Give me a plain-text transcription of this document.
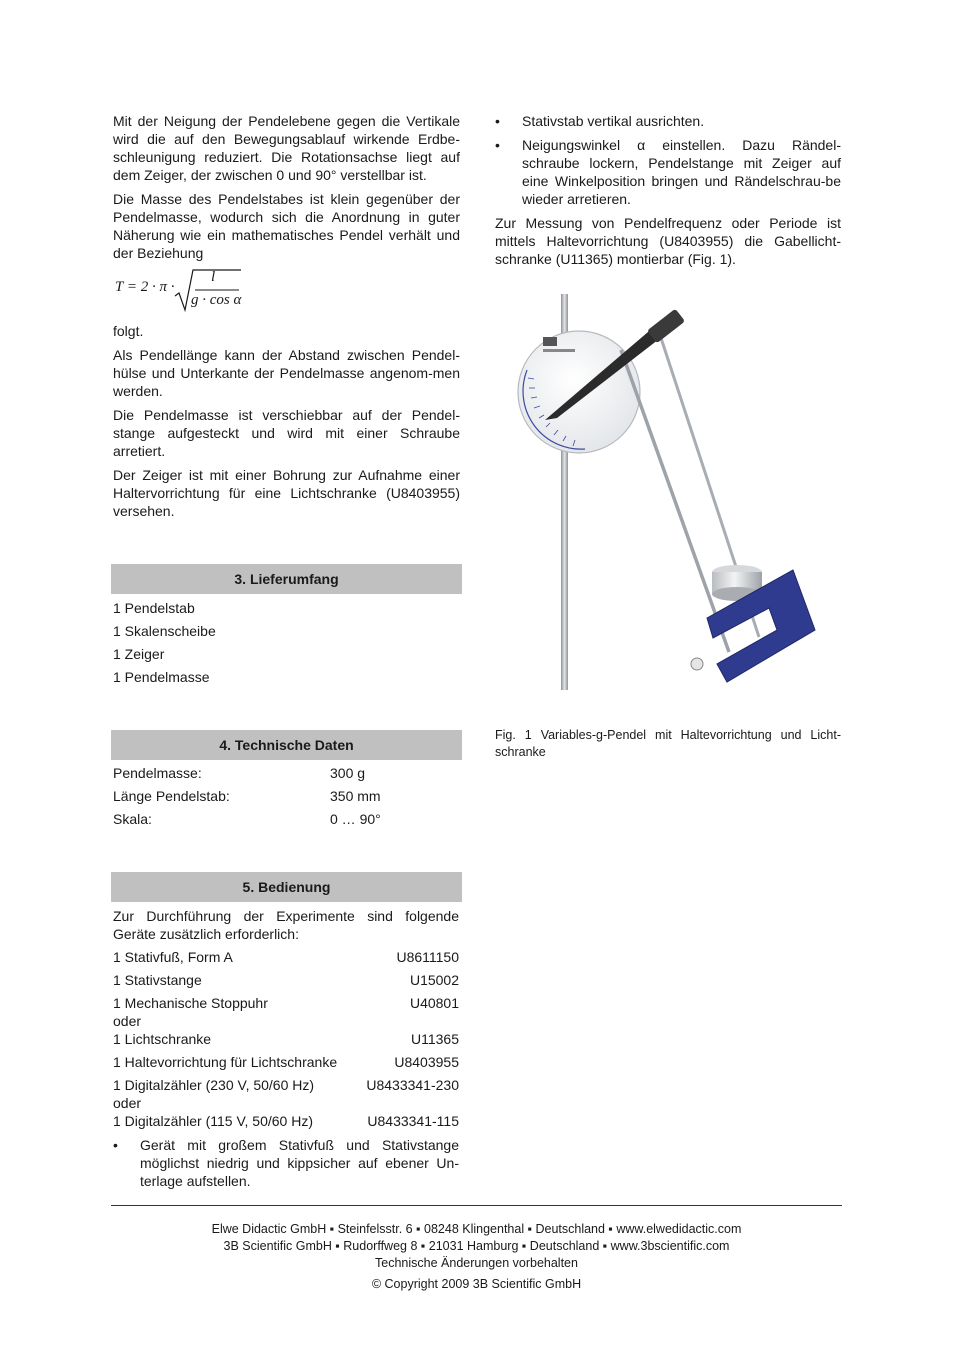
Mit der Neigung der Pendelebene gegen die Vertikale wird die auf den Bewegungsablauf wirkende Erdbe-schleunigung reduziert. Die Rotationsachse liegt auf dem Zeiger, der zwischen 0 und 90° verstellbar ist.

Die Masse des Pendelstabes ist klein gegenüber der Pendelmasse, wodurch sich die Anordnung in guter Näherung wie ein mathematisches Pendel verhält und der Beziehung

T = 2 · π ·
l
g · cos α

folgt.

Als Pendellänge kann der Abstand zwischen Pendel-hülse und Unterkante der Pendelmasse angenom-men werden.

Die Pendelmasse ist verschiebbar auf der Pendel-stange aufgesteckt und wird mit einer Schraube arretiert.

Der Zeiger ist mit einer Bohrung zur Aufnahme einer Haltervorrichtung für eine Lichtschranke (U8403955) versehen.

3. Lieferumfang
1 Pendelstab
1 Skalenscheibe
1 Zeiger
1 Pendelmasse
4. Technische Daten
Pendelmasse:	300 g
Länge Pendelstab:	350 mm
Skala:	0 … 90°
5. Bedienung
Zur Durchführung der Experimente sind folgende Geräte zusätzlich erforderlich:
1 Stativfuß, Form A	U8611150
1 Stativstange	U15002
1 Mechanische Stoppuhr	U40801
oder
1 Lichtschranke	U11365
1 Haltevorrichtung für Lichtschranke	U8403955
1 Digitalzähler (230 V, 50/60 Hz)	U8433341-230
oder
1 Digitalzähler (115 V, 50/60 Hz)	U8433341-115
• Gerät mit großem Stativfuß und Stativstange möglichst niedrig und kippsicher auf ebener Un-terlage aufstellen.
• Stativstab vertikal ausrichten.
• Neigungswinkel α einstellen. Dazu Rändel-schraube lockern, Pendelstange mit Zeiger auf eine Winkelposition bringen und Rändelschrau-be wieder arretieren.

Zur Messung von Pendelfrequenz oder Periode ist mittels Haltevorrichtung (U8403955) die Gabellicht-schranke (U11365) montierbar (Fig. 1).

Fig. 1 Variables-g-Pendel mit Haltevorrichtung und Licht-schranke
Elwe Didactic GmbH ▪ Steinfelsstr. 6 ▪ 08248 Klingenthal ▪ Deutschland ▪ www.elwedidactic.com
3B Scientific GmbH ▪ Rudorffweg 8 ▪ 21031 Hamburg ▪ Deutschland ▪ www.3bscientific.com
Technische Änderungen vorbehalten
© Copyright 2009 3B Scientific GmbH
